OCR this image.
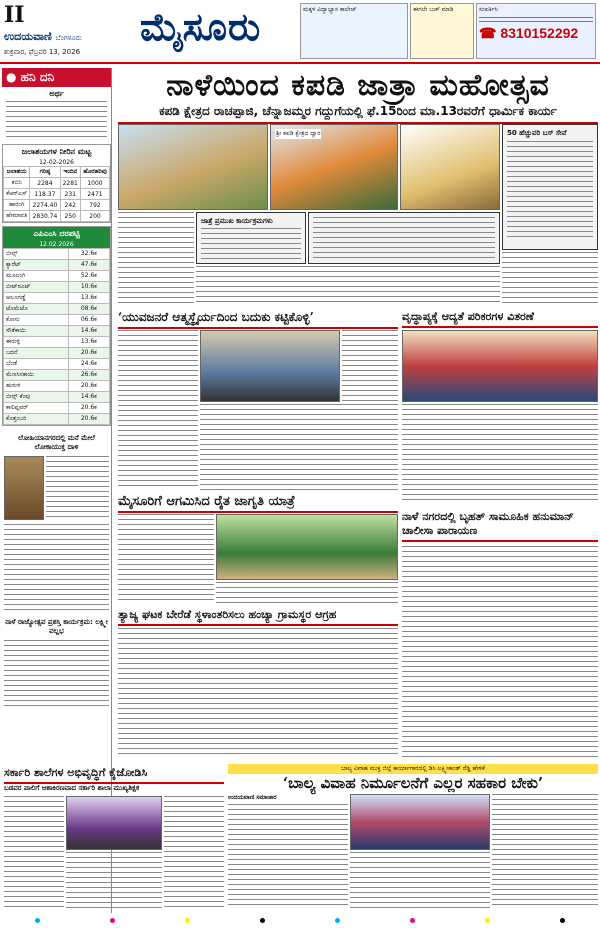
II
ಉದಯವಾಣಿ ಬೆಂಗಳೂರು
ಶುಕ್ರವಾರ, ಫೆಬ್ರವರಿ 13, 2026
ಮೈಸೂರು	ಮಕ್ಕಳ ವಿದ್ಯಾಭ್ಯಾಸ ಕಾಲೇಜ್	ಈಗಲೇ ಬುಕ್ ಮಾಡಿ	ಸಂಪರ್ಕಿಸಿ
☎ 8310152292
● ಹನಿ ದನಿ
ಅರ್ಥ
ಜಲಾಶಯಗಳ ನೀರಿನ ಮಟ್ಟ
12-02-2026
ಜಲಾಶಯ	ಗರಿಷ್ಠ	ಇಂದಿನ	ಹೊರಹರಿವು
ಕಬಿನಿ	2284	2281	1000
ಕೆಆರ್‌ಎಸ್	118.37	231	2471
ಹಾರಂಗಿ	2274.40	242	792
ಹೇಮಾವತಿ	2830.74	250	200
ಎಪಿಎಂಸಿ ದರಪಟ್ಟಿ
12.02.2026
ಬೀನ್ಸ್	32.6ಕ
ಕ್ಯಾರೆಟ್	47.6ಕ
ಮೂಲಂಗಿ	52.6ಕ
ಬೀಟ್‌ರೂಟ್	10.6ಕ
ಆಲೂಗಡ್ಡೆ	13.6ಕ
ಟೊಮೆಟೊ	08.6ಕ
ಕೋಸು	06.6ಕ
ಸೌತೆಕಾಯಿ	14.6ಕ
ಈರುಳ್ಳಿ	13.6ಕ
ಬದನೆ	20.6ಕ
ಬೆಂಡೆ	24.6ಕ
ಮೆಣಸಿನಕಾಯಿ	26.6ಕ
ಹುರುಳಿ	20.6ಕ
ಬೀನ್ಸ್ ಕೆಂಪು	14.6ಕ
ಕಾಲಿಫ್ಲವರ್	20.6ಕ
ಕೊತ್ತಂಬರಿ	20.6ಕ
ಲೋಹಿಯಾನಗರದಲ್ಲಿ ಮನೆ ಮೇಲೆ ಲೋಕಾಯುಕ್ತ ದಾಳಿ
ನಾಳೆ ರಾಜ್ಯೋತ್ಸವ ಪ್ರಶಸ್ತಿ ಕಾರ್ಯಕ್ರಮ: ಲಕ್ಷ್ಮೀ ವಲ್ಲಭ
ನಾಳೆಯಿಂದ ಕಪಡಿ ಜಾತ್ರಾ ಮಹೋತ್ಸವ
ಕಪಡಿ ಕ್ಷೇತ್ರದ ರಾಚಪ್ಪಾಜಿ, ಚೆನ್ನಾಜಮ್ಮರ ಗದ್ದುಗೆಯಲ್ಲಿ ಫೆ.15ರಿಂದ ಮಾ.13ರವರೆಗೆ ಧಾರ್ಮಿಕ ಕಾರ್ಯ
ಶ್ರೀ ಕಪಡಿ ಕ್ಷೇತ್ರದ ದ್ವಾರ	50 ಹೆಚ್ಚುವರಿ ಬಸ್ ಸೇವೆ
ಜಾತ್ರೆ ಪ್ರಮುಖ ಕಾರ್ಯಕ್ರಮಗಳು
‘ಯುವಜನರೆ ಆತ್ಮಸ್ಥೈರ್ಯದಿಂದ ಬದುಕು ಕಟ್ಟಿಕೊಳ್ಳಿ’	ವೃದ್ಧಾಪ್ಯಕ್ಕೆ ಆದ್ಯತೆ ಪರಿಕರಗಳ ವಿತರಣೆ
ಮೈಸೂರಿಗೆ ಆಗಮಿಸಿದ ರೈತ ಜಾಗೃತಿ ಯಾತ್ರೆ
ನಾಳೆ ನಗರದಲ್ಲಿ ಬೃಹತ್ ಸಾಮೂಹಿಕ ಹನುಮಾನ್ ಚಾಲೀಸಾ ಪಾರಾಯಣ
ತ್ಯಾಜ್ಯ ಘಟಕ ಬೇರೆಡೆ ಸ್ಥಳಾಂತರಿಸಲು ಹಂಚ್ಯಾ ಗ್ರಾಮಸ್ಥರ ಆಗ್ರಹ
ಸರ್ಕಾರಿ ಶಾಲೆಗಳ ಅಭಿವೃದ್ಧಿಗೆ ಕೈಜೋಡಿಸಿ
ಬಡವರ ಪಾಲಿಗೆ ಆಶಾಕಿರಣವಾದ ಸರ್ಕಾರಿ ಶಾಲಾ ಮುಖ್ಯಶಿಕ್ಷಕ
ಬಾಲ್ಯ ವಿವಾಹ ಮುಕ್ತ ಜಿಲ್ಲೆ ಕಾರ್ಯಾಗಾರದಲ್ಲಿ ಡಿಸಿ ಲಕ್ಷ್ಮೀಕಾಂತ್ ರೆಡ್ಡಿ ಹೇಳಿಕೆ
‘ಬಾಲ್ಯ ವಿವಾಹ ನಿರ್ಮೂಲನೆಗೆ ಎಲ್ಲರ ಸಹಕಾರ ಬೇಕು’
ಉದಯವಾಣಿ ಸಮಾಚಾರ
